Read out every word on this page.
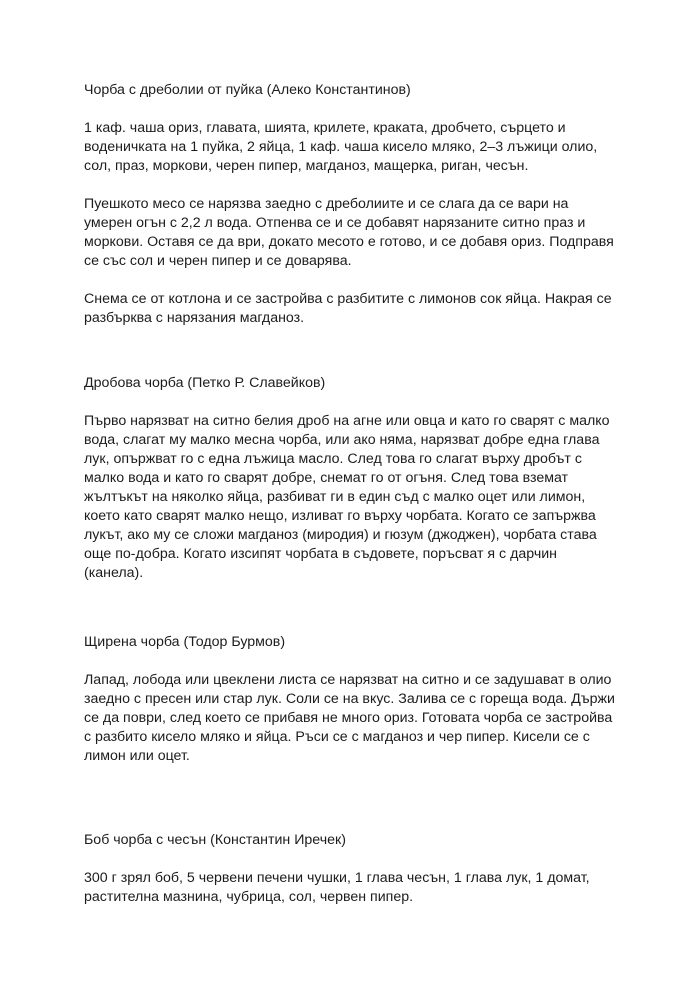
Чорба с дреболии от пуйка (Алеко Константинов)

1 каф. чаша ориз, главата, шията, крилете, краката, дробчето, сърцето и
воденичката на 1 пуйка, 2 яйца, 1 каф. чаша кисело мляко, 2–3 лъжици олио,
сол, праз, моркови, черен пипер, магданоз, мащерка, риган, чесън.

Пуешкото месо се нарязва заедно с дреболиите и се слага да се вари на
умерен огън с 2,2 л вода. Отпенва се и се добавят нарязаните ситно праз и
моркови. Оставя се да ври, докато месото е готово, и се добавя ориз. Подправя
се със сол и черен пипер и се доварява.

Снема се от котлона и се застройва с разбитите с лимонов сок яйца. Накрая се
разбърква с нарязания магданоз.

Дробова чорба (Петко Р. Славейков)

Първо нарязват на ситно белия дроб на агне или овца и като го сварят с малко
вода, слагат му малко месна чорба, или ако няма, нарязват добре една глава
лук, опържват го с една лъжица масло. След това го слагат върху дробът с
малко вода и като го сварят добре, снемат го от огъня. След това вземат
жълтъкът на няколко яйца, разбиват ги в един съд с малко оцет или лимон,
което като сварят малко нещо, изливат го върху чорбата. Когато се запържва
лукът, ако му се сложи магданоз (миродия) и гюзум (джоджен), чорбата става
още по-добра. Когато изсипят чорбата в съдовете, поръсват я с дарчин
(канела).

Щирена чорба (Тодор Бурмов)

Лапад, лобода или цвеклени листа се нарязват на ситно и се задушават в олио
заедно с пресен или стар лук. Соли се на вкус. Залива се с гореща вода. Държи
се да поври, след което се прибавя не много ориз. Готовата чорба се застройва
с разбито кисело мляко и яйца. Ръси се с магданоз и чер пипер. Кисели се с
лимон или оцет.

Боб чорба с чесън (Константин Иречек)

300 г зрял боб, 5 червени печени чушки, 1 глава чесън, 1 глава лук, 1 домат,
растителна мазнина, чубрица, сол, червен пипер.
